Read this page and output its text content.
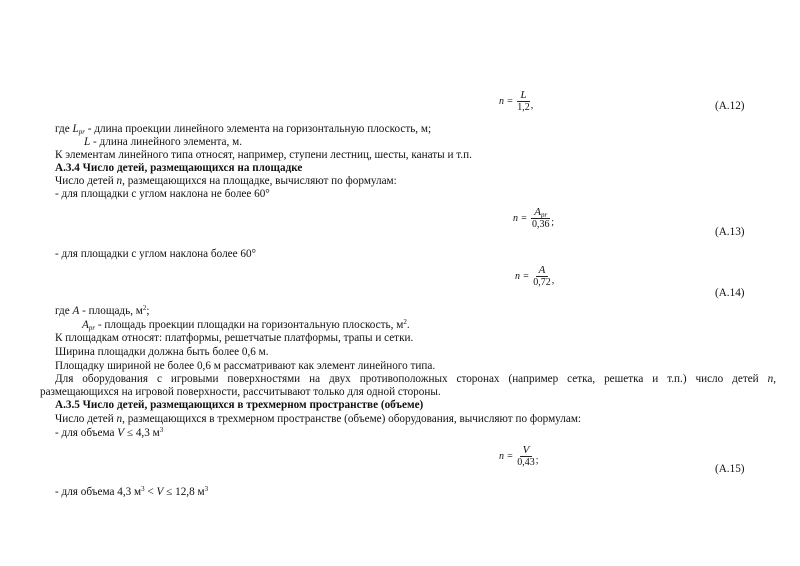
$n = \frac{L}{1,2}$ ,	(А.12)
где $L_{pr}$ - длина проекции линейного элемента на горизонтальную плоскость, м;
L - длина линейного элемента, м.
К элементам линейного типа относят, например, ступени лестниц, шесты, канаты и т.п.
А.3.4 Число детей, размещающихся на площадке
Число детей n, размещающихся на площадке, вычисляют по формулам:
- для площадки с углом наклона не более 60°
$n = \frac{A_{pr}}{0,36}$ ;
(А.13)
- для площадки с углом наклона более 60°
$n = \frac{A}{0,72}$ ,
(А.14)
где A - площадь, $м^2$;
$A_{pr}$ - площадь проекции площадки на горизонтальную плоскость, $м^2$.
К площадкам относят: платформы, решетчатые платформы, трапы и сетки.
Ширина площадки должна быть более 0,6 м.
Площадку шириной не более 0,6 м рассматривают как элемент линейного типа.
Для оборудования с игровыми поверхностями на двух противоположных сторонах (например сетка, решетка и т.п.) число детей n,
размещающихся на игровой поверхности, рассчитывают только для одной стороны.
А.3.5 Число детей, размещающихся в трехмерном пространстве (объеме)
Число детей n, размещающихся в трехмерном пространстве (объеме) оборудования, вычисляют по формулам:
- для объема V ≤ 4,3 $м^3$
$n = \frac{V}{0,43}$ ;
(А.15)
- для объема 4,3 $м^3 < V \le 12,8$ $м^3$
